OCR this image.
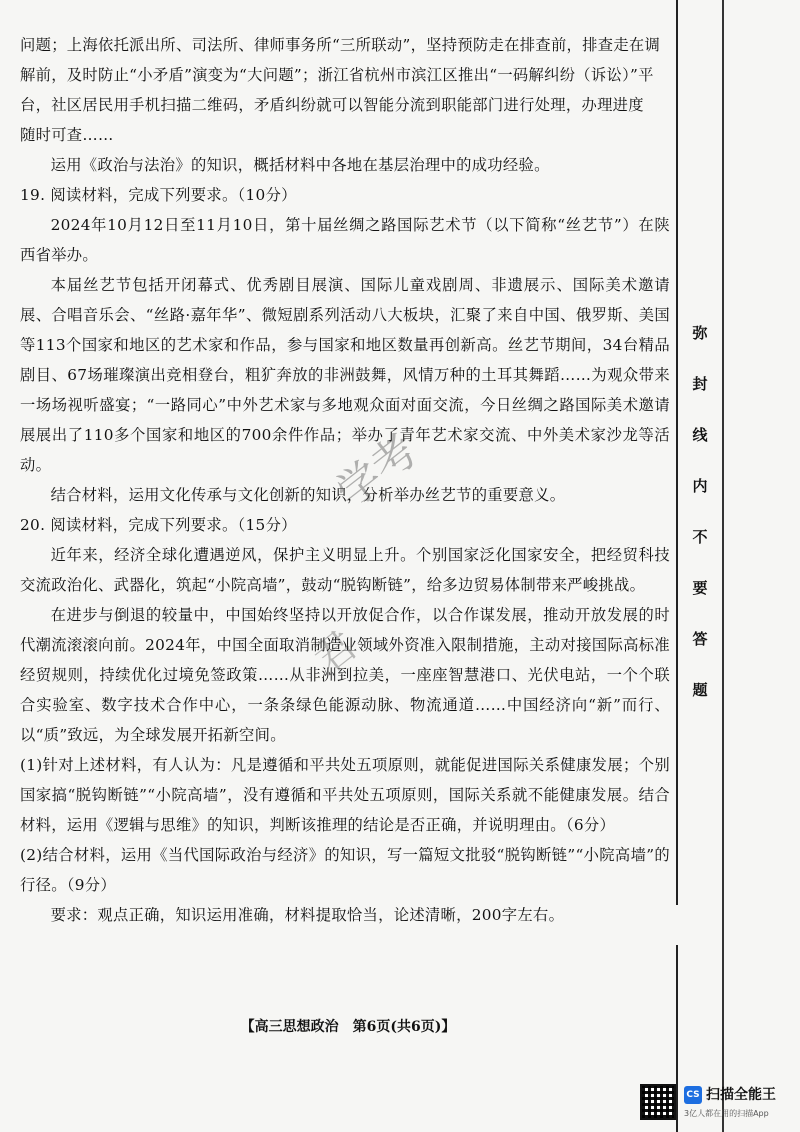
弥
封
线
内
不
要
答
题

问题；上海依托派出所、司法所、律师事务所“三所联动”，坚持预防走在排查前，排查走在调

解前，及时防止“小矛盾”演变为“大问题”；浙江省杭州市滨江区推出“一码解纠纷（诉讼）”平

台，社区居民用手机扫描二维码，矛盾纠纷就可以智能分流到职能部门进行处理，办理进度

随时可查……

运用《政治与法治》的知识，概括材料中各地在基层治理中的成功经验。

19. 阅读材料，完成下列要求。（10分）

2024年10月12日至11月10日，第十届丝绸之路国际艺术节（以下简称“丝艺节”）在陕西省举办。

本届丝艺节包括开闭幕式、优秀剧目展演、国际儿童戏剧周、非遗展示、国际美术邀请展、合唱音乐会、“丝路·嘉年华”、微短剧系列活动八大板块，汇聚了来自中国、俄罗斯、美国等113个国家和地区的艺术家和作品，参与国家和地区数量再创新高。丝艺节期间，34台精品剧目、67场璀璨演出竞相登台，粗犷奔放的非洲鼓舞，风情万种的土耳其舞蹈……为观众带来一场场视听盛宴；“一路同心”中外艺术家与多地观众面对面交流，今日丝绸之路国际美术邀请展展出了110多个国家和地区的700余件作品；举办了青年艺术家交流、中外美术家沙龙等活动。

结合材料，运用文化传承与文化创新的知识，分析举办丝艺节的重要意义。

20. 阅读材料，完成下列要求。（15分）

近年来，经济全球化遭遇逆风，保护主义明显上升。个别国家泛化国家安全，把经贸科技交流政治化、武器化，筑起“小院高墙”，鼓动“脱钩断链”，给多边贸易体制带来严峻挑战。

在进步与倒退的较量中，中国始终坚持以开放促合作，以合作谋发展，推动开放发展的时代潮流滚滚向前。2024年，中国全面取消制造业领域外资准入限制措施，主动对接国际高标准经贸规则，持续优化过境免签政策……从非洲到拉美，一座座智慧港口、光伏电站，一个个联合实验室、数字技术合作中心，一条条绿色能源动脉、物流通道……中国经济向“新”而行、以“质”致远，为全球发展开拓新空间。

(1)针对上述材料，有人认为：凡是遵循和平共处五项原则，就能促进国际关系健康发展；个别国家搞“脱钩断链”“小院高墙”，没有遵循和平共处五项原则，国际关系就不能健康发展。结合材料，运用《逻辑与思维》的知识，判断该推理的结论是否正确，并说明理由。（6分）

(2)结合材料，运用《当代国际政治与经济》的知识，写一篇短文批驳“脱钩断链”“小院高墙”的行径。（9分）

要求：观点正确，知识运用准确，材料提取恰当，论述清晰，200字左右。

学考
君
【高三思想政治　第6页(共6页)】
CS 扫描全能王
3亿人都在用的扫描App
